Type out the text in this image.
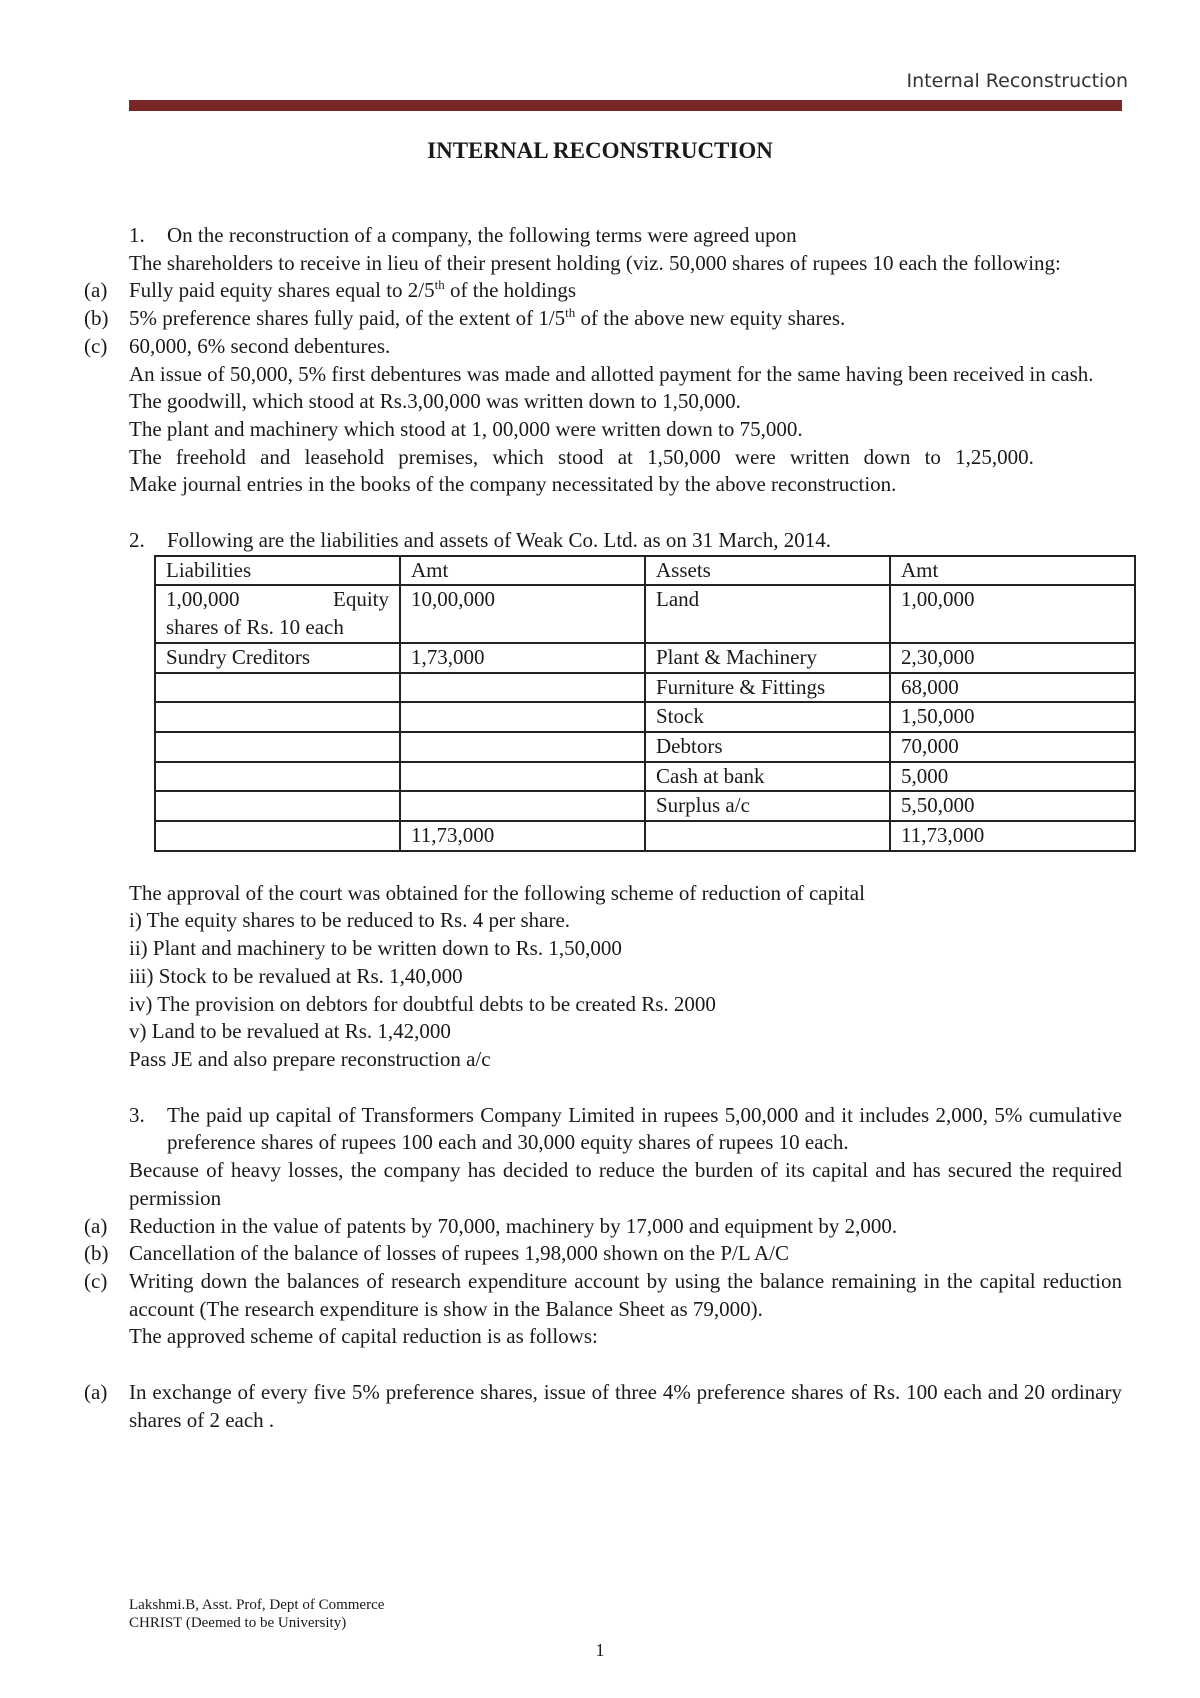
Internal Reconstruction
INTERNAL RECONSTRUCTION
1.	On the reconstruction of a company, the following terms were agreed upon

The shareholders to receive in lieu of their present holding (viz. 50,000 shares of rupees 10 each the following:

(a) Fully paid equity shares equal to 2/5th of the holdings
(b) 5% preference shares fully paid, of the extent of 1/5th of the above new equity shares.
(c) 60,000, 6% second debentures.

An issue of 50,000, 5% first debentures was made and allotted payment for the same having been received in cash.

The goodwill, which stood at Rs.3,00,000 was written down to 1,50,000.

The plant and machinery which stood at 1, 00,000 were written down to 75,000.

The freehold and leasehold premises, which stood at 1,50,000 were written down to 1,25,000.

Make journal entries in the books of the company necessitated by the above reconstruction.

2.	Following are the liabilities and assets of Weak Co. Ltd. as on 31 March, 2014.
Liabilities	Amt	Assets	Amt

1,00,000 Equity
shares of Rs. 10 each	10,00,000	Land	1,00,000
Sundry Creditors	1,73,000	Plant & Machinery	2,30,000
		Furniture & Fittings	68,000
		Stock	1,50,000
		Debtors	70,000
		Cash at bank	5,000
		Surplus a/c	5,50,000
	11,73,000		11,73,000

The approval of the court was obtained for the following scheme of reduction of capital

i) The equity shares to be reduced to Rs. 4 per share.

ii) Plant and machinery to be written down to Rs. 1,50,000

iii) Stock to be revalued at Rs. 1,40,000

iv) The provision on debtors for doubtful debts to be created Rs. 2000

v) Land to be revalued at Rs. 1,42,000

Pass JE and also prepare reconstruction a/c

3.	The paid up capital of Transformers Company Limited in rupees 5,00,000 and it includes 2,000, 5% cumulative preference shares of rupees 100 each and 30,000 equity shares of rupees 10 each.

Because of heavy losses, the company has decided to reduce the burden of its capital and has secured the required permission

(a) Reduction in the value of patents by 70,000, machinery by 17,000 and equipment by 2,000.
(b) Cancellation of the balance of losses of rupees 1,98,000 shown on the P/L A/C
(c) Writing down the balances of research expenditure account by using the balance remaining in the capital reduction account (The research expenditure is show in the Balance Sheet as 79,000).

The approved scheme of capital reduction is as follows:

(a) In exchange of every five 5% preference shares, issue of three 4% preference shares of Rs. 100 each and 20 ordinary shares of 2 each .
Lakshmi.B, Asst. Prof, Dept of Commerce
CHRIST (Deemed to be University)
1
